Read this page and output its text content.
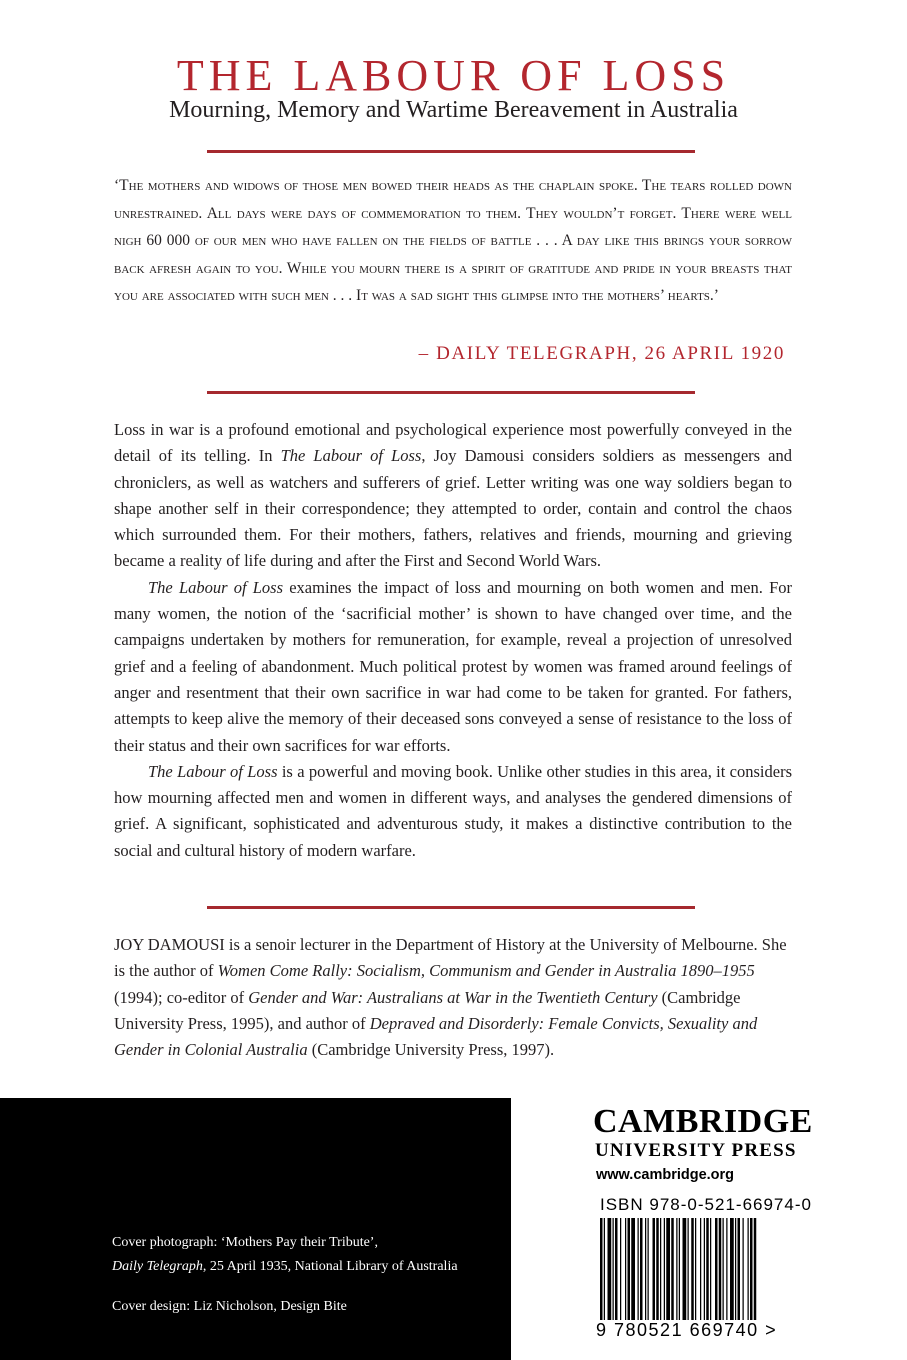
THE LABOUR OF LOSS
Mourning, Memory and Wartime Bereavement in Australia

‘The mothers and widows of those men bowed their heads as the chaplain spoke. The tears rolled down unrestrained. All days were days of commemoration to them. They wouldn’t forget. There were well nigh 60 000 of our men who have fallen on the fields of battle . . . A day like this brings your sorrow back afresh again to you. While you mourn there is a spirit of gratitude and pride in your breasts that you are associated with such men . . . It was a sad sight this glimpse into the mothers’ hearts.’

– DAILY TELEGRAPH, 26 APRIL 1920

Loss in war is a profound emotional and psychological experience most powerfully conveyed in the detail of its telling. In The Labour of Loss, Joy Damousi considers soldiers as messengers and chroniclers, as well as watchers and sufferers of grief. Letter writing was one way soldiers began to shape another self in their correspondence; they attempted to order, contain and control the chaos which surrounded them. For their mothers, fathers, relatives and friends, mourning and grieving became a reality of life during and after the First and Second World Wars.

The Labour of Loss examines the impact of loss and mourning on both women and men. For many women, the notion of the ‘sacrificial mother’ is shown to have changed over time, and the campaigns undertaken by mothers for remuneration, for example, reveal a projection of unresolved grief and a feeling of abandonment. Much political protest by women was framed around feelings of anger and resentment that their own sacrifice in war had come to be taken for granted. For fathers, attempts to keep alive the memory of their deceased sons conveyed a sense of resistance to the loss of their status and their own sacrifices for war efforts.

The Labour of Loss is a powerful and moving book. Unlike other studies in this area, it considers how mourning affected men and women in different ways, and analyses the gendered dimensions of grief. A significant, sophisticated and adventurous study, it makes a distinctive contribution to the social and cultural history of modern warfare.

JOY DAMOUSI is a senoir lecturer in the Department of History at the University of Melbourne. She is the author of Women Come Rally: Socialism, Communism and Gender in Australia 1890–1955 (1994); co-editor of Gender and War: Australians at War in the Twentieth Century (Cambridge University Press, 1995), and author of Depraved and Disorderly: Female Convicts, Sexuality and Gender in Colonial Australia (Cambridge University Press, 1997).

Cover photograph: ‘Mothers Pay their Tribute’,
Daily Telegraph, 25 April 1935, National Library of Australia

Cover design: Liz Nicholson, Design Bite

CAMBRIDGE
UNIVERSITY PRESS
www.cambridge.org
ISBN 978-0-521-66974-0
9 780521 669740 >
